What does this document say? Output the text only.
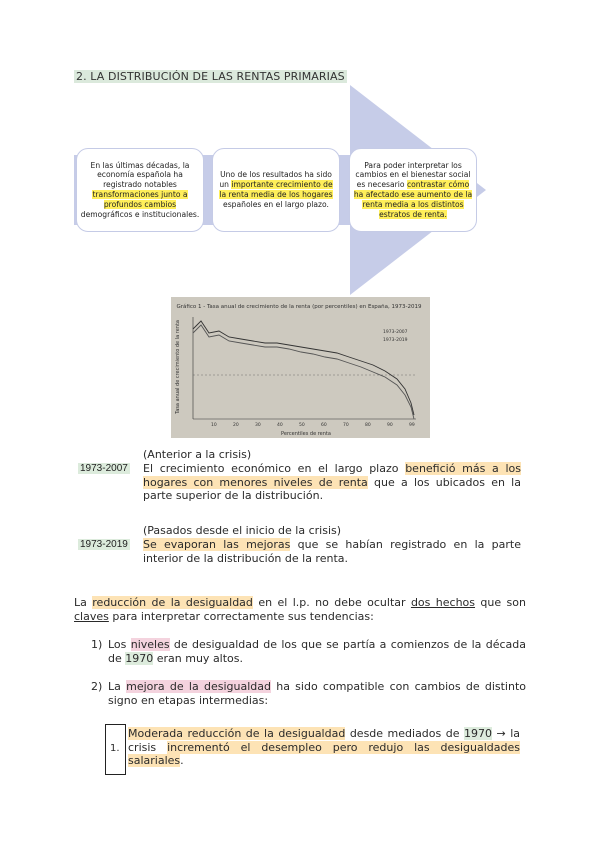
2. LA DISTRIBUCIÓN DE LAS RENTAS PRIMARIAS
En las últimas décadas, la economía española ha registrado notables transformaciones junto a profundos cambios demográficos e institucionales.
Uno de los resultados ha sido un importante crecimiento de la renta media de los hogares españoles en el largo plazo.
Para poder interpretar los cambios en el bienestar social es necesario contrastar cómo ha afectado ese aumento de la renta media a los distintos estratos de renta.
Gráfico 1 - Tasa anual de crecimiento de la renta (por percentiles) en España, 1973-2019
Tasa anual de crecimiento de la renta
Percentiles de renta
1973-2007
1973-2019
10	20	30	40	50	60	70	80	90	99
(Anterior a la crisis)
1973-2007 El crecimiento económico en el largo plazo benefició más a los hogares con menores niveles de renta que a los ubicados en la parte superior de la distribución.
(Pasados desde el inicio de la crisis)
1973-2019 Se evaporan las mejoras que se habían registrado en la parte interior de la distribución de la renta.
La reducción de la desigualdad en el l.p. no debe ocultar dos hechos que son claves para interpretar correctamente sus tendencias:
1) Los niveles de desigualdad de los que se partía a comienzos de la década de 1970 eran muy altos.
2) La mejora de la desigualdad ha sido compatible con cambios de distinto signo en etapas intermedias:
1.
Moderada reducción de la desigualdad desde mediados de 1970 → la crisis incrementó el desempleo pero redujo las desigualdades salariales.
